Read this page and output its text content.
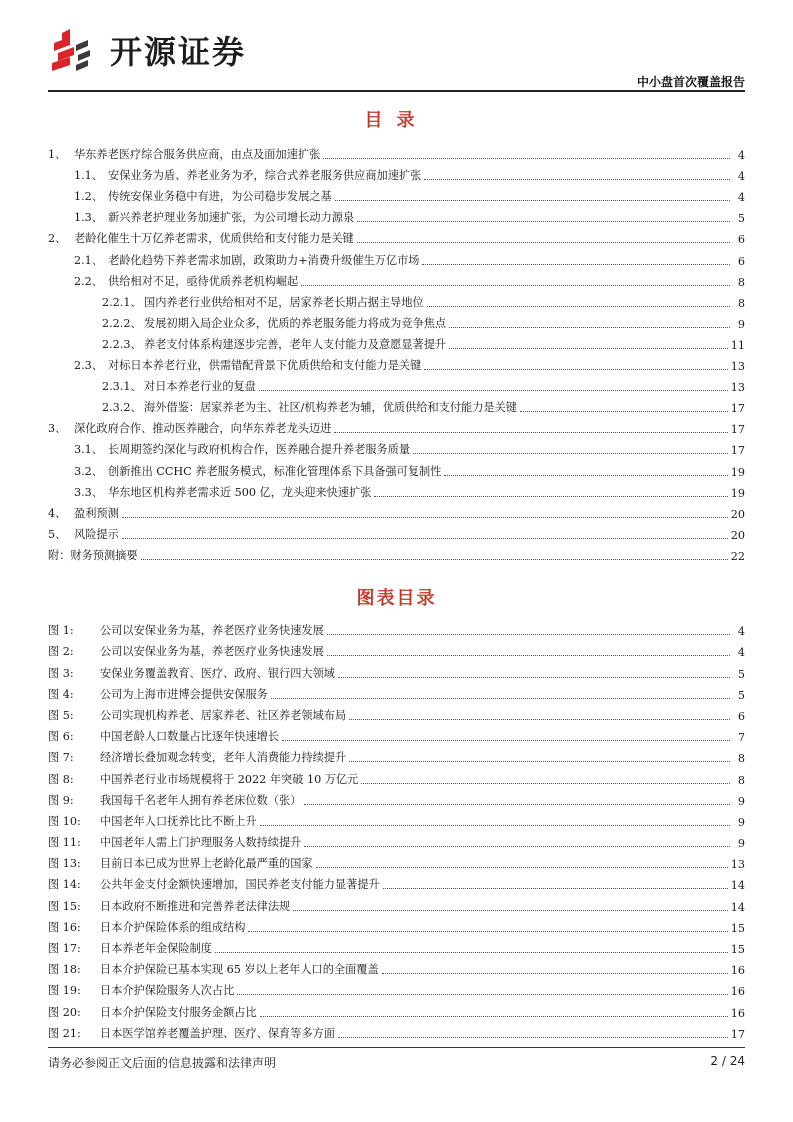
开源证券
中小盘首次覆盖报告
目录
1、 华东养老医疗综合服务供应商，由点及面加速扩张	4
1.1、 安保业务为盾、养老业务为矛，综合式养老服务供应商加速扩张	4
1.2、 传统安保业务稳中有进，为公司稳步发展之基	4
1.3、 新兴养老护理业务加速扩张，为公司增长动力源泉	5
2、 老龄化催生十万亿养老需求，优质供给和支付能力是关键	6
2.1、 老龄化趋势下养老需求加剧，政策助力+消费升级催生万亿市场	6
2.2、 供给相对不足，亟待优质养老机构崛起	8
2.2.1、 国内养老行业供给相对不足，居家养老长期占据主导地位	8
2.2.2、 发展初期入局企业众多，优质的养老服务能力将成为竞争焦点	9
2.2.3、 养老支付体系构建逐步完善，老年人支付能力及意愿显著提升	11
2.3、 对标日本养老行业，供需错配背景下优质供给和支付能力是关键	13
2.3.1、 对日本养老行业的复盘	13
2.3.2、 海外借鉴：居家养老为主、社区/机构养老为辅，优质供给和支付能力是关键	17
3、 深化政府合作、推动医养融合，向华东养老龙头迈进	17
3.1、 长周期签约深化与政府机构合作，医养融合提升养老服务质量	17
3.2、 创新推出 CCHC 养老服务模式，标准化管理体系下具备强可复制性	19
3.3、 华东地区机构养老需求近 500 亿，龙头迎来快速扩张	19
4、 盈利预测	20
5、 风险提示	20
附：财务预测摘要	22
图表目录
图 1:	公司以安保业务为基，养老医疗业务快速发展	4
图 2:	公司以安保业务为基，养老医疗业务快速发展	4
图 3:	安保业务覆盖教育、医疗、政府、银行四大领域	5
图 4:	公司为上海市进博会提供安保服务	5
图 5:	公司实现机构养老、居家养老、社区养老领域布局	6
图 6:	中国老龄人口数量占比逐年快速增长	7
图 7:	经济增长叠加观念转变，老年人消费能力持续提升	8
图 8:	中国养老行业市场规模将于 2022 年突破 10 万亿元	8
图 9:	我国每千名老年人拥有养老床位数（张）	9
图 10:	中国老年人口抚养比比不断上升	9
图 11:	中国老年人需上门护理服务人数持续提升	9
图 13:	目前日本已成为世界上老龄化最严重的国家	13
图 14:	公共年金支付金额快速增加，国民养老支付能力显著提升	14
图 15:	日本政府不断推进和完善养老法律法规	14
图 16:	日本介护保险体系的组成结构	15
图 17:	日本养老年金保险制度	15
图 18:	日本介护保险已基本实现 65 岁以上老年人口的全面覆盖	16
图 19:	日本介护保险服务人次占比	16
图 20:	日本介护保险支付服务金额占比	16
图 21:	日本医学馆养老覆盖护理、医疗、保育等多方面	17
请务必参阅正文后面的信息披露和法律声明	2 / 24
